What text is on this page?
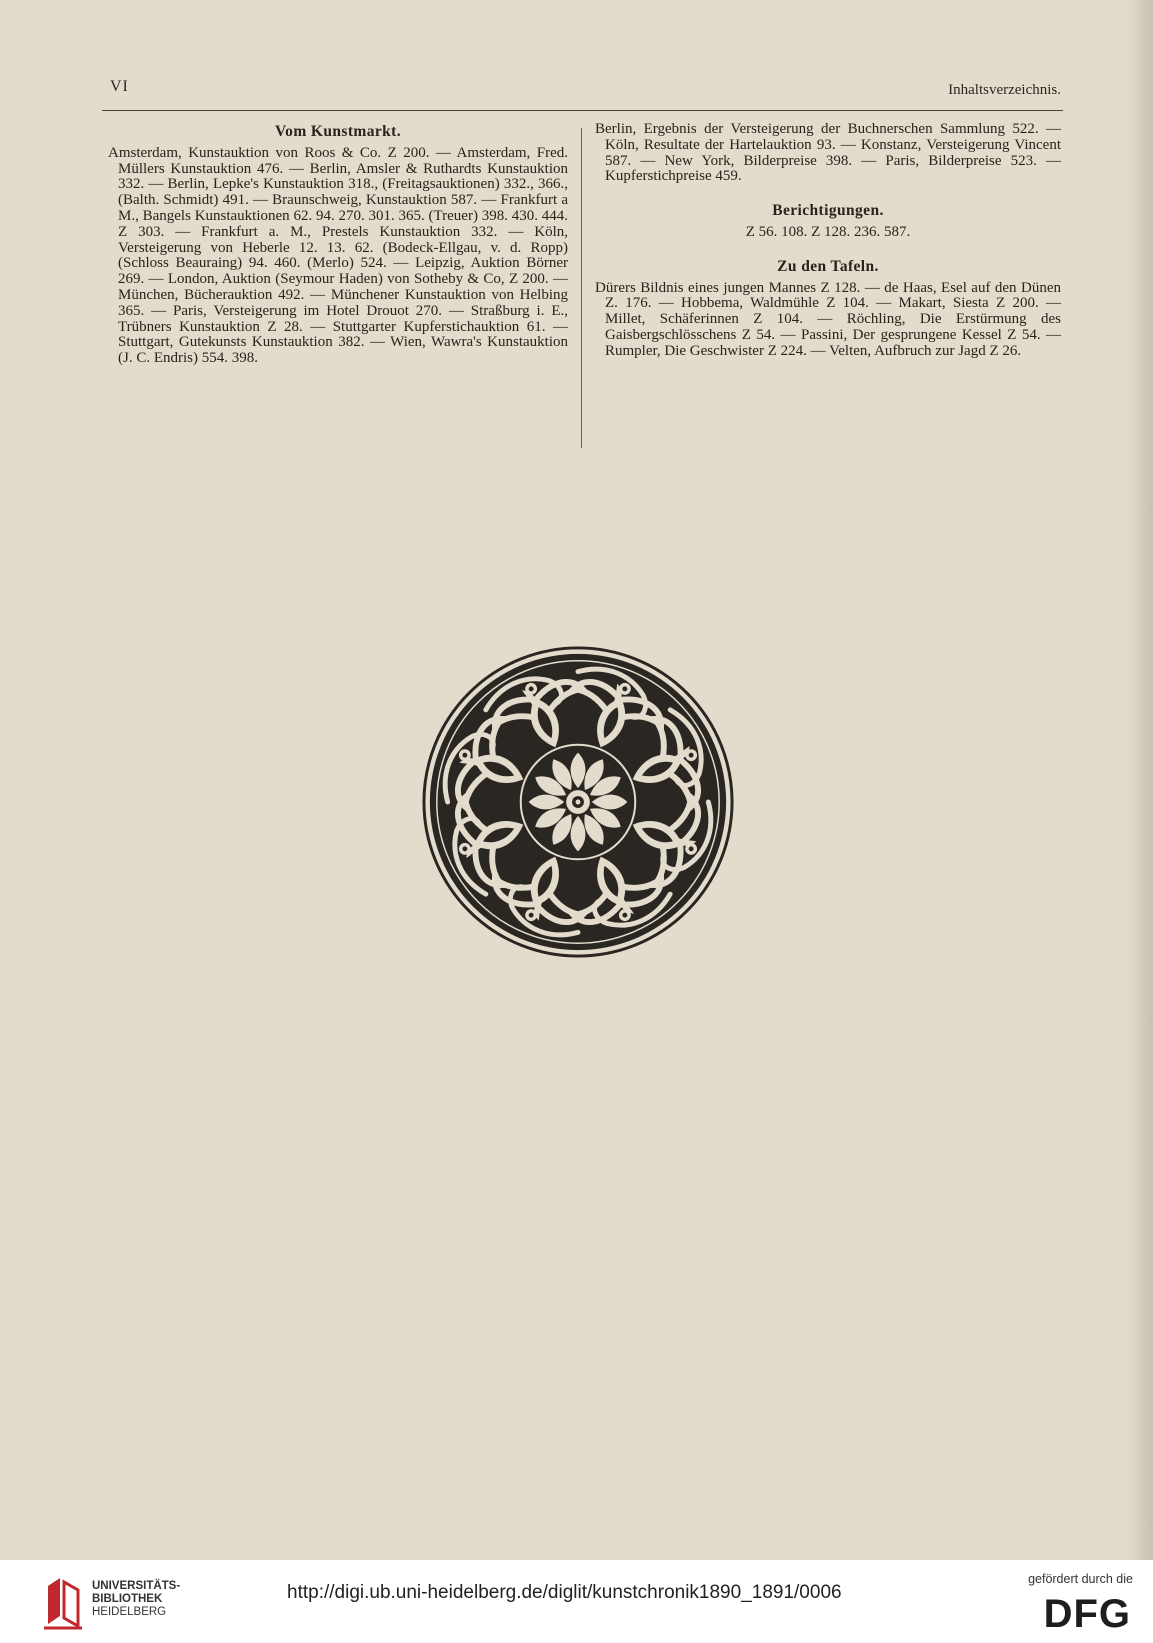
VI	Inhaltsverzeichnis.
Vom Kunstmarkt.

Amsterdam, Kunstauktion von Roos & Co. Z 200. — Amsterdam, Fred. Müllers Kunstauktion 476. — Berlin, Amsler & Ruthardts Kunstauktion 332. — Berlin, Lepke's Kunstauktion 318., (Freitagsauktionen) 332., 366., (Balth. Schmidt) 491. — Braunschweig, Kunstauktion 587. — Frankfurt a M., Bangels Kunstauktionen 62. 94. 270. 301. 365. (Treuer) 398. 430. 444. Z 303. — Frankfurt a. M., Prestels Kunstauktion 332. — Köln, Versteigerung von Heberle 12. 13. 62. (Bodeck-Ellgau, v. d. Ropp) (Schloss Beauraing) 94. 460. (Merlo) 524. — Leipzig, Auktion Börner 269. — London, Auktion (Seymour Haden) von Sotheby & Co, Z 200. — München, Bücherauktion 492. — Münchener Kunstauktion von Helbing 365. — Paris, Versteigerung im Hotel Drouot 270. — Straßburg i. E., Trübners Kunstauktion Z 28. — Stuttgarter Kupferstichauktion 61. — Stuttgart, Gutekunsts Kunstauktion 382. — Wien, Wawra's Kunstauktion (J. C. Endris) 554. 398.

Berlin, Ergebnis der Versteigerung der Buchnerschen Sammlung 522. — Köln, Resultate der Hartelauktion 93. — Konstanz, Versteigerung Vincent 587. — New York, Bilderpreise 398. — Paris, Bilderpreise 523. — Kupferstichpreise 459.

Berichtigungen.

Z 56. 108. Z 128. 236. 587.

Zu den Tafeln.

Dürers Bildnis eines jungen Mannes Z 128. — de Haas, Esel auf den Dünen Z. 176. — Hobbema, Waldmühle Z 104. — Makart, Siesta Z 200. — Millet, Schäferinnen Z 104. — Röchling, Die Erstürmung des Gaisbergschlösschens Z 54. — Passini, Der gesprungene Kessel Z 54. — Rumpler, Die Geschwister Z 224. — Velten, Aufbruch zur Jagd Z 26.

UNIVERSITÄTS-
BIBLIOTHEK
HEIDELBERG
http://digi.ub.uni-heidelberg.de/diglit/kunstchronik1890_1891/0006
gefördert durch die
DFG
